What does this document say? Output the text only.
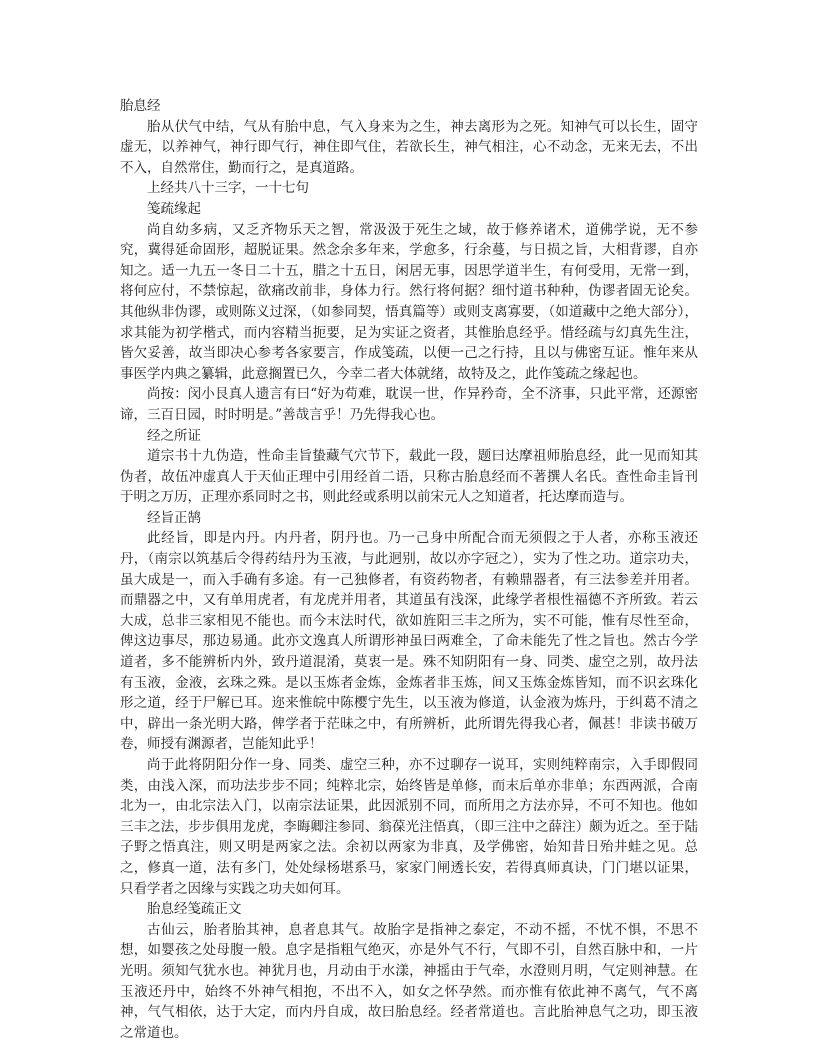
胎息经

胎从伏气中结，气从有胎中息，气入身来为之生，神去离形为之死。知神气可以长生，固守虚无，以养神气，神行即气行，神住即气住，若欲长生，神气相注，心不动念，无来无去，不出不入，自然常住，勤而行之，是真道路。

上经共八十三字，一十七句

笺疏缘起

尚自幼多病，又乏齐物乐天之智，常汲汲于死生之域，故于修养诸术，道佛学说，无不参究，冀得延命固形，超脱证果。然念余多年来，学愈多，行余蔓，与日损之旨，大相背谬，自亦知之。适一九五一冬日二十五，腊之十五日，闲居无事，因思学道半生，有何受用，无常一到，将何应付，不禁惊起，欲痛改前非，身体力行。然行将何据？细忖道书种种，伪谬者固无论矣。其他纵非伪谬，或则陈义过深，（如参同契，悟真篇等）或则支离寡要，（如道藏中之绝大部分），求其能为初学楷式，而内容精当扼要，足为实证之资者，其惟胎息经乎。惜经疏与幻真先生注，皆欠妥善，故当即决心参考各家要言，作成笺疏，以便一己之行持，且以与佛密互证。惟年来从事医学内典之纂辑，此意搁置已久，今幸二者大体就绪，故特及之，此作笺疏之缘起也。

尚按：闵小艮真人遗言有曰“好为苟难，耽误一世，作异矜奇，全不济事，只此平常，还源密谛，三百日园，时时明是。”善哉言乎！乃先得我心也。

经之所证

道宗书十九伪造，性命圭旨蛰藏气穴节下，载此一段，题曰达摩祖师胎息经，此一见而知其伪者，故伍冲虚真人于天仙正理中引用经首二语，只称古胎息经而不著撰人名氏。查性命圭旨刊于明之万历，正理亦系同时之书，则此经或系明以前宋元人之知道者，托达摩而造与。

经旨正鹄

此经旨，即是内丹。内丹者，阴丹也。乃一己身中所配合而无须假之于人者，亦称玉液还丹，（南宗以筑基后令得药结丹为玉液，与此迥别，故以亦字冠之），实为了性之功。道宗功夫，虽大成是一，而入手确有多途。有一己独修者，有资药物者，有赖鼎器者，有三法参差并用者。而鼎器之中，又有单用虎者，有龙虎并用者，其道虽有浅深，此缘学者根性福德不齐所致。若云大成，总非三家相见不能也。而今末法时代，欲如旌阳三丰之所为，实不可能，惟有尽性至命，俾这边事尽，那边易通。此亦文逸真人所谓形神虽曰两难全，了命未能先了性之旨也。然古今学道者，多不能辨析内外，致丹道混淆，莫衷一是。殊不知阴阳有一身、同类、虚空之别，故丹法有玉液，金液，玄珠之殊。是以玉炼者金炼，金炼者非玉炼，间又玉炼金炼皆知，而不识玄珠化形之道，经于尸解已耳。迩来惟皖中陈樱宁先生，以玉液为修道，认金液为炼丹，于纠葛不清之中，辟出一条光明大路，俾学者于茫昧之中，有所辨析，此所谓先得我心者，佩甚！非读书破万卷，师授有渊源者，岂能知此乎！

尚于此将阴阳分作一身、同类、虚空三种，亦不过聊存一说耳，实则纯粹南宗，入手即假同类，由浅入深，而功法步步不同；纯粹北宗，始终皆是单修，而末后单亦非单；东西两派，合南北为一，由北宗法入门，以南宗法证果，此因派别不同，而所用之方法亦异，不可不知也。他如三丰之法，步步俱用龙虎，李晦卿注参同、翁葆光注悟真，（即三注中之薛注）颇为近之。至于陆子野之悟真注，则又明是两家之法。余初以两家为非真，及学佛密，始知昔日殆井蛙之见。总之，修真一道，法有多门，处处绿杨堪系马，家家门闸透长安，若得真师真诀，门门堪以证果，只看学者之因缘与实践之功夫如何耳。

胎息经笺疏正文

古仙云，胎者胎其神，息者息其气。故胎字是指神之泰定，不动不摇，不忧不惧，不思不想，如婴孩之处母腹一般。息字是指粗气绝灭，亦是外气不行，气即不引，自然百脉中和，一片光明。须知气犹水也。神犹月也，月动由于水漾，神摇由于气牵，水澄则月明，气定则神慧。在玉液还丹中，始终不外神气相抱，不出不入，如女之怀孕然。而亦惟有依此神不离气，气不离神，气气相依，达于大定，而内丹自成，故曰胎息经。经者常道也。言此胎神息气之功，即玉液之常道也。
